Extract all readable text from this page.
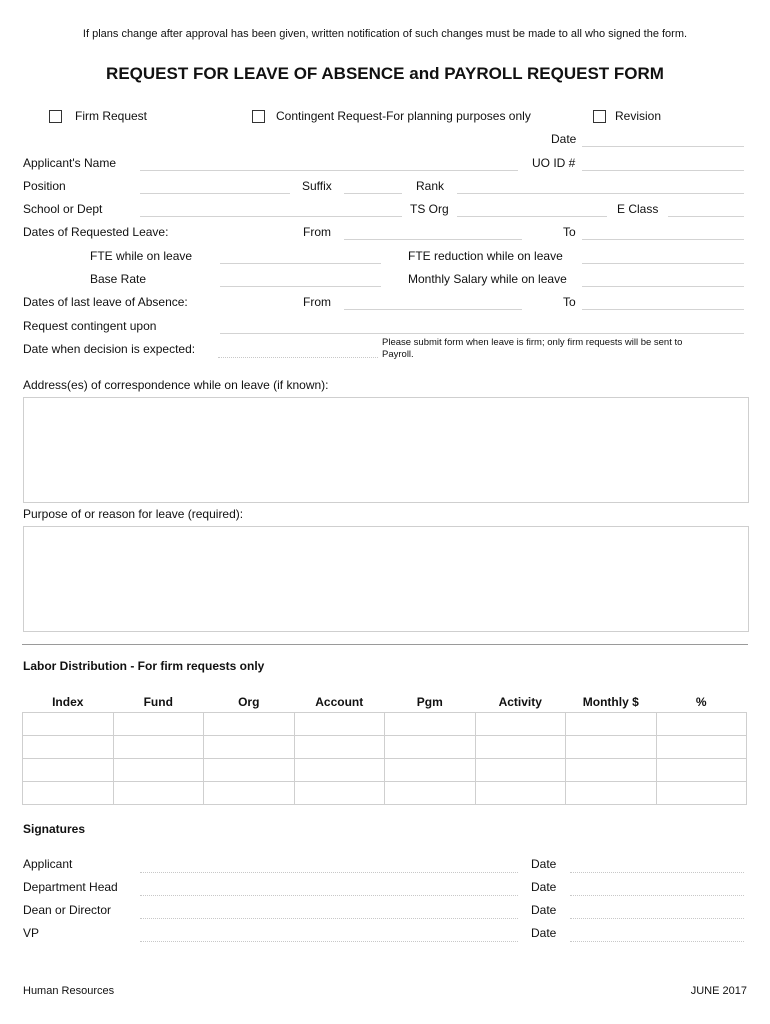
If plans change after approval has been given, written notification of such changes must be made to all who signed the form.
REQUEST FOR LEAVE OF ABSENCE and PAYROLL REQUEST FORM
Firm Request	Contingent Request-For planning purposes only	Revision
Date
Applicant's Name	UO ID #
Position	Suffix	Rank
School or Dept	TS Org	E Class
Dates of Requested Leave:	From	To
FTE while on leave	FTE reduction while on leave
Base Rate	Monthly Salary while on leave
Dates of last leave of Absence:	From	To
Request contingent upon
Date when decision is expected:	Please submit form when leave is firm; only firm requests will be sent to Payroll.
Address(es) of correspondence while on leave (if known):
Purpose of or reason for leave (required):
Labor Distribution - For firm requests only
Index	Fund	Org	Account	Pgm	Activity	Monthly $	%

Signatures
Applicant	Date
Department Head	Date
Dean or Director	Date
VP	Date
Human Resources	JUNE 2017
